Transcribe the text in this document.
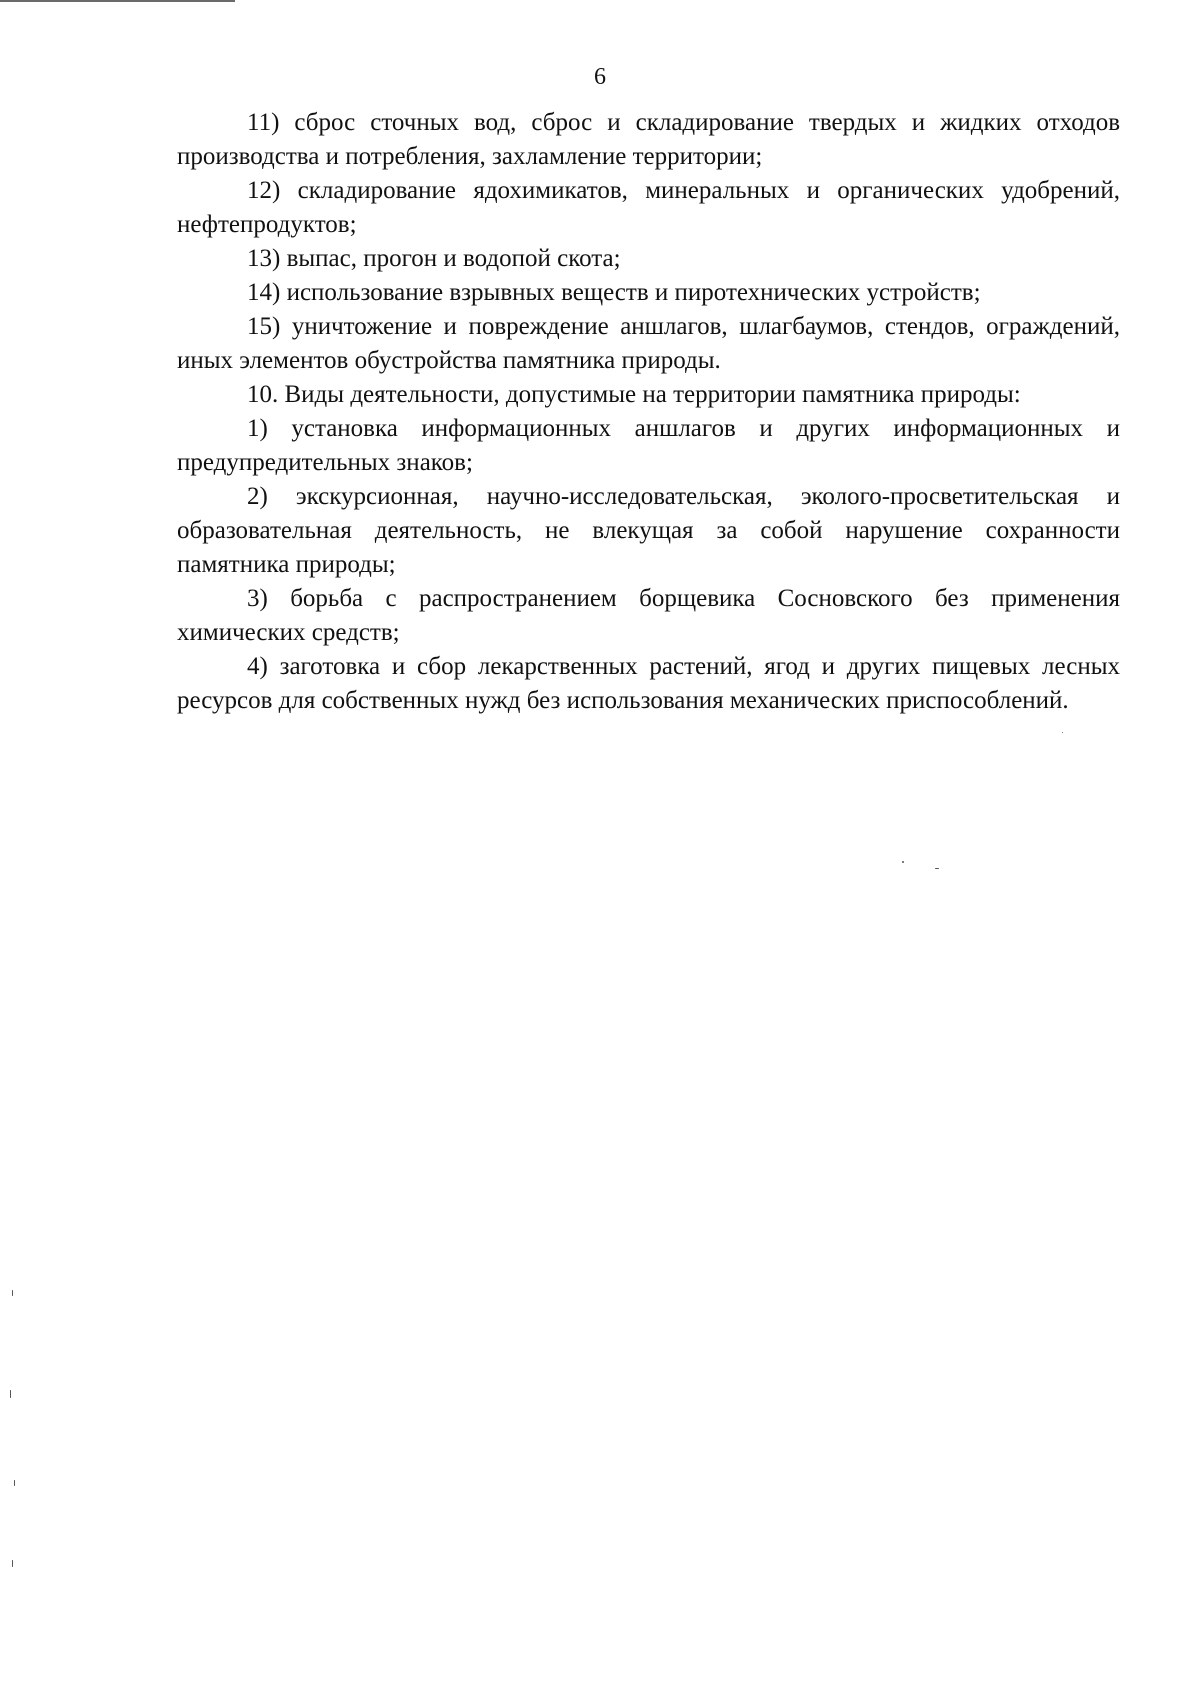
6

11) сброс сточных вод, сброс и складирование твердых и жидких отходов производства и потребления, захламление территории;

12) складирование ядохимикатов, минеральных и органических удобрений, нефтепродуктов;

13) выпас, прогон и водопой скота;

14) использование взрывных веществ и пиротехнических устройств;

15) уничтожение и повреждение аншлагов, шлагбаумов, стендов, ограждений, иных элементов обустройства памятника природы.

10. Виды деятельности, допустимые на территории памятника природы:

1) установка информационных аншлагов и других информационных и предупредительных знаков;

2) экскурсионная, научно-исследовательская, эколого-просветительская и образовательная деятельность, не влекущая за собой нарушение сохранности памятника природы;

3) борьба с распространением борщевика Сосновского без применения химических средств;

4) заготовка и сбор лекарственных растений, ягод и других пищевых лесных ресурсов для собственных нужд без использования механических приспособлений.
